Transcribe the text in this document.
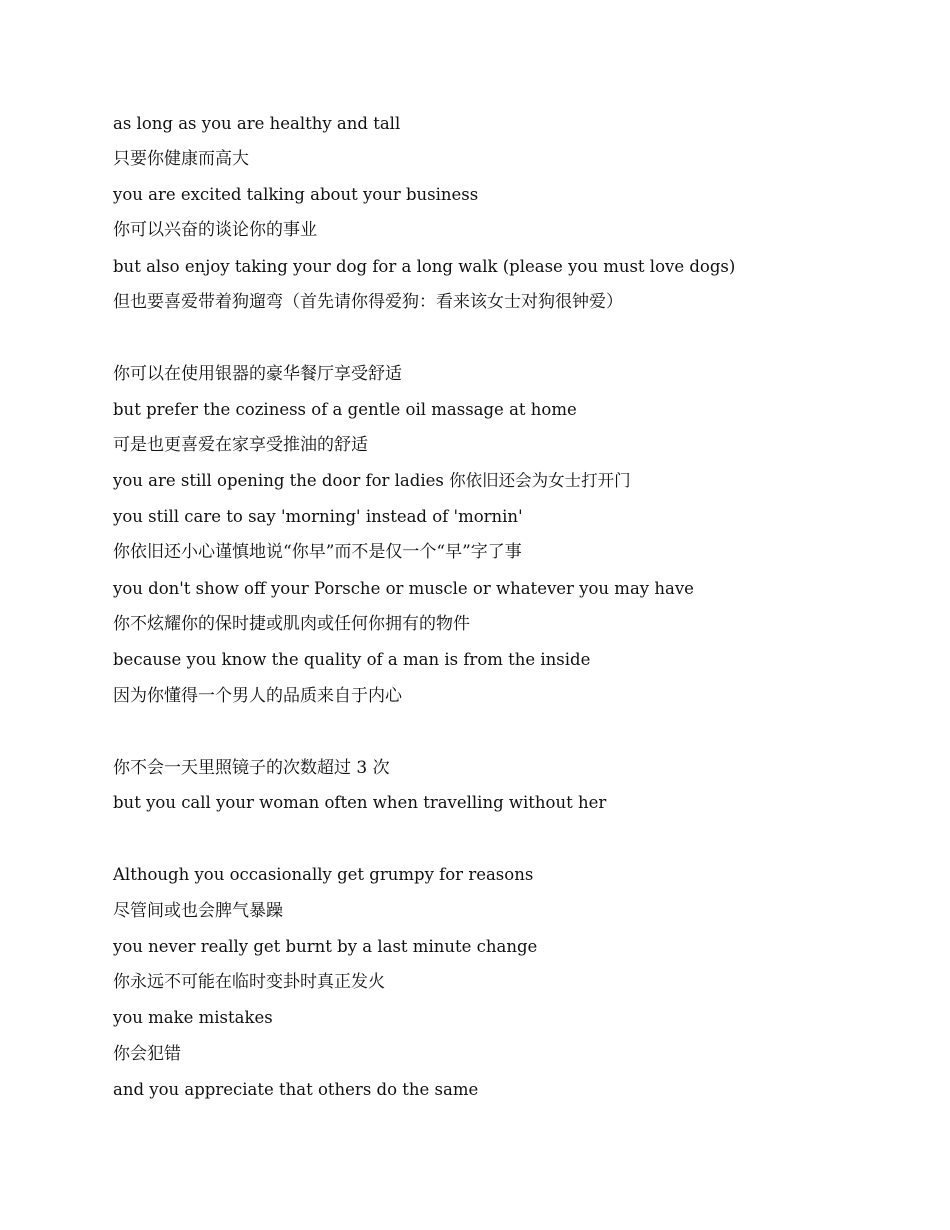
as long as you are healthy and tall
只要你健康而高大
you are excited talking about your business
你可以兴奋的谈论你的事业
but also enjoy taking your dog for a long walk (please you must love dogs)
但也要喜爱带着狗遛弯（首先请你得爱狗：看来该女士对狗很钟爱）
你可以在使用银器的豪华餐厅享受舒适
but prefer the coziness of a gentle oil massage at home
可是也更喜爱在家享受推油的舒适
you are still opening the door for ladies 你依旧还会为女士打开门
you still care to say 'morning' instead of 'mornin'
你依旧还小心谨慎地说“你早”而不是仅一个“早”字了事
you don't show off your Porsche or muscle or whatever you may have
你不炫耀你的保时捷或肌肉或任何你拥有的物件
because you know the quality of a man is from the inside
因为你懂得一个男人的品质来自于内心
你不会一天里照镜子的次数超过 3 次
but you call your woman often when travelling without her
Although you occasionally get grumpy for reasons
尽管间或也会脾气暴躁
you never really get burnt by a last minute change
你永远不可能在临时变卦时真正发火
you make mistakes
你会犯错
and you appreciate that others do the same
